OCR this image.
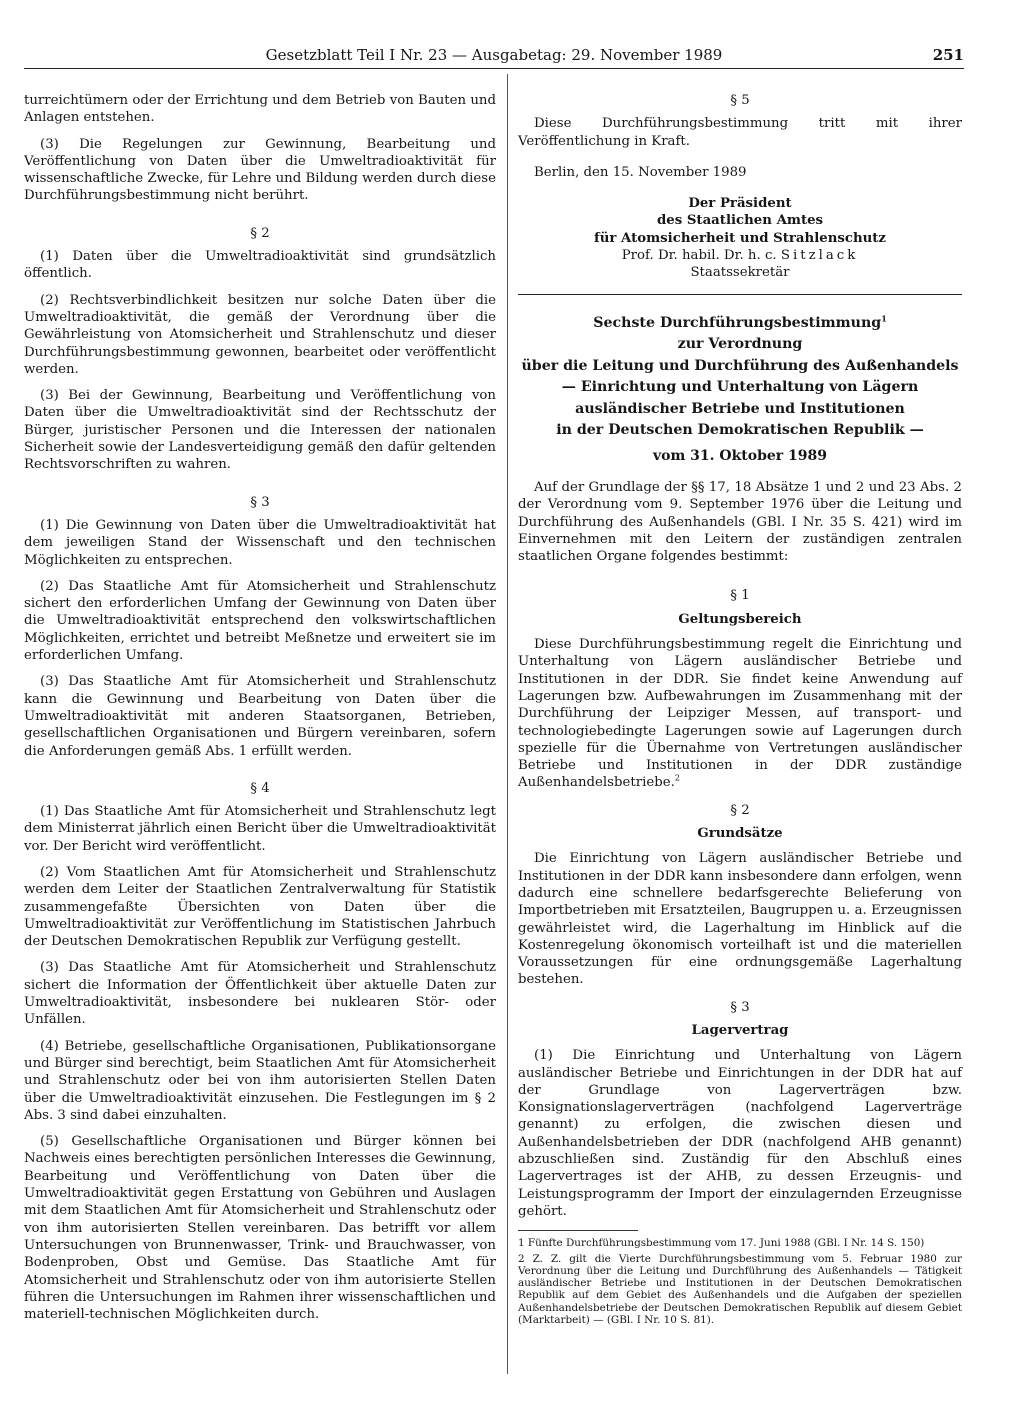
Gesetzblatt Teil I Nr. 23 — Ausgabetag: 29. November 1989	251

turreichtümern oder der Errichtung und dem Betrieb von Bauten und Anlagen entstehen.

(3) Die Regelungen zur Gewinnung, Bearbeitung und Veröffentlichung von Daten über die Umweltradioaktivität für wissenschaftliche Zwecke, für Lehre und Bildung werden durch diese Durchführungsbestimmung nicht berührt.

§ 2

(1) Daten über die Umweltradioaktivität sind grundsätzlich öffentlich.

(2) Rechtsverbindlichkeit besitzen nur solche Daten über die Umweltradioaktivität, die gemäß der Verordnung über die Gewährleistung von Atomsicherheit und Strahlenschutz und dieser Durchführungsbestimmung gewonnen, bearbeitet oder veröffentlicht werden.

(3) Bei der Gewinnung, Bearbeitung und Veröffentlichung von Daten über die Umweltradioaktivität sind der Rechtsschutz der Bürger, juristischer Personen und die Interessen der nationalen Sicherheit sowie der Landesverteidigung gemäß den dafür geltenden Rechtsvorschriften zu wahren.

§ 3

(1) Die Gewinnung von Daten über die Umweltradioaktivität hat dem jeweiligen Stand der Wissenschaft und den technischen Möglichkeiten zu entsprechen.

(2) Das Staatliche Amt für Atomsicherheit und Strahlenschutz sichert den erforderlichen Umfang der Gewinnung von Daten über die Umweltradioaktivität entsprechend den volkswirtschaftlichen Möglichkeiten, errichtet und betreibt Meßnetze und erweitert sie im erforderlichen Umfang.

(3) Das Staatliche Amt für Atomsicherheit und Strahlenschutz kann die Gewinnung und Bearbeitung von Daten über die Umweltradioaktivität mit anderen Staatsorganen, Betrieben, gesellschaftlichen Organisationen und Bürgern vereinbaren, sofern die Anforderungen gemäß Abs. 1 erfüllt werden.

§ 4

(1) Das Staatliche Amt für Atomsicherheit und Strahlenschutz legt dem Ministerrat jährlich einen Bericht über die Umweltradioaktivität vor. Der Bericht wird veröffentlicht.

(2) Vom Staatlichen Amt für Atomsicherheit und Strahlenschutz werden dem Leiter der Staatlichen Zentralverwaltung für Statistik zusammengefaßte Übersichten von Daten über die Umweltradioaktivität zur Veröffentlichung im Statistischen Jahrbuch der Deutschen Demokratischen Republik zur Verfügung gestellt.

(3) Das Staatliche Amt für Atomsicherheit und Strahlenschutz sichert die Information der Öffentlichkeit über aktuelle Daten zur Umweltradioaktivität, insbesondere bei nuklearen Stör- oder Unfällen.

(4) Betriebe, gesellschaftliche Organisationen, Publikationsorgane und Bürger sind berechtigt, beim Staatlichen Amt für Atomsicherheit und Strahlenschutz oder bei von ihm autorisierten Stellen Daten über die Umweltradioaktivität einzusehen. Die Festlegungen im § 2 Abs. 3 sind dabei einzuhalten.

(5) Gesellschaftliche Organisationen und Bürger können bei Nachweis eines berechtigten persönlichen Interesses die Gewinnung, Bearbeitung und Veröffentlichung von Daten über die Umweltradioaktivität gegen Erstattung von Gebühren und Auslagen mit dem Staatlichen Amt für Atomsicherheit und Strahlenschutz oder von ihm autorisierten Stellen vereinbaren. Das betrifft vor allem Untersuchungen von Brunnenwasser, Trink- und Brauchwasser, von Bodenproben, Obst und Gemüse. Das Staatliche Amt für Atomsicherheit und Strahlenschutz oder von ihm autorisierte Stellen führen die Untersuchungen im Rahmen ihrer wissenschaftlichen und materiell-technischen Möglichkeiten durch.

§ 5

Diese Durchführungsbestimmung tritt mit ihrer Veröffentlichung in Kraft.

Berlin, den 15. November 1989

Der Präsident
des Staatlichen Amtes
für Atomsicherheit und Strahlenschutz
Prof. Dr. habil. Dr. h. c. Sitzlack
Staatssekretär
Sechste Durchführungsbestimmung$^1$
zur Verordnung
über die Leitung und Durchführung des Außenhandels
— Einrichtung und Unterhaltung von Lägern
ausländischer Betriebe und Institutionen
in der Deutschen Demokratischen Republik —
vom 31. Oktober 1989

Auf der Grundlage der §§ 17, 18 Absätze 1 und 2 und 23 Abs. 2 der Verordnung vom 9. September 1976 über die Leitung und Durchführung des Außenhandels (GBl. I Nr. 35 S. 421) wird im Einvernehmen mit den Leitern der zuständigen zentralen staatlichen Organe folgendes bestimmt:

§ 1
Geltungsbereich

Diese Durchführungsbestimmung regelt die Einrichtung und Unterhaltung von Lägern ausländischer Betriebe und Institutionen in der DDR. Sie findet keine Anwendung auf Lagerungen bzw. Aufbewahrungen im Zusammenhang mit der Durchführung der Leipziger Messen, auf transport- und technologiebedingte Lagerungen sowie auf Lagerungen durch spezielle für die Übernahme von Vertretungen ausländischer Betriebe und Institutionen in der DDR zuständige Außenhandelsbetriebe.$^2$

§ 2
Grundsätze

Die Einrichtung von Lägern ausländischer Betriebe und Institutionen in der DDR kann insbesondere dann erfolgen, wenn dadurch eine schnellere bedarfsgerechte Belieferung von Importbetrieben mit Ersatzteilen, Baugruppen u. a. Erzeugnissen gewährleistet wird, die Lagerhaltung im Hinblick auf die Kostenregelung ökonomisch vorteilhaft ist und die materiellen Voraussetzungen für eine ordnungsgemäße Lagerhaltung bestehen.

§ 3
Lagervertrag

(1) Die Einrichtung und Unterhaltung von Lägern ausländischer Betriebe und Einrichtungen in der DDR hat auf der Grundlage von Lagerverträgen bzw. Konsignationslagerverträgen (nachfolgend Lagerverträge genannt) zu erfolgen, die zwischen diesen und Außenhandelsbetrieben der DDR (nachfolgend AHB genannt) abzuschließen sind. Zuständig für den Abschluß eines Lagervertrages ist der AHB, zu dessen Erzeugnis- und Leistungsprogramm der Import der einzulagernden Erzeugnisse gehört.

1 Fünfte Durchführungsbestimmung vom 17. Juni 1988 (GBl. I Nr. 14 S. 150)

2 Z. Z. gilt die Vierte Durchführungsbestimmung vom 5. Februar 1980 zur Verordnung über die Leitung und Durchführung des Außenhandels — Tätigkeit ausländischer Betriebe und Institutionen in der Deutschen Demokratischen Republik auf dem Gebiet des Außenhandels und die Aufgaben der speziellen Außenhandelsbetriebe der Deutschen Demokratischen Republik auf diesem Gebiet (Marktarbeit) — (GBl. I Nr. 10 S. 81).
